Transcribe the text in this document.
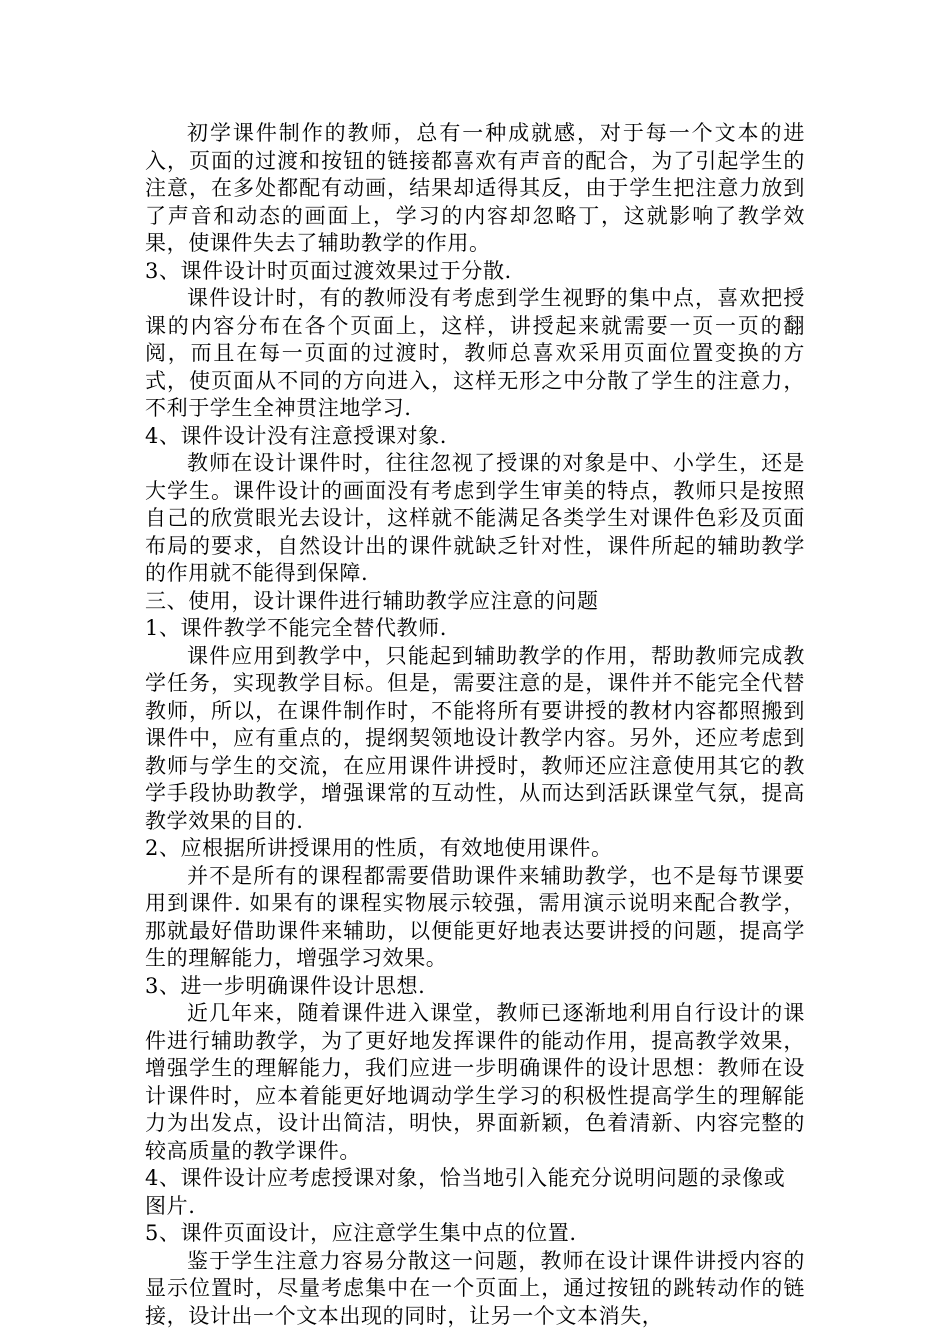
初学课件制作的教师，总有一种成就感，对于每一个文本的进入，页面的过渡和按钮的链接都喜欢有声音的配合，为了引起学生的注意，在多处都配有动画，结果却适得其反，由于学生把注意力放到了声音和动态的画面上，学习的内容却忽略丁，这就影响了教学效果，使课件失去了辅助教学的作用。

3、课件设计时页面过渡效果过于分散.

课件设计时，有的教师没有考虑到学生视野的集中点，喜欢把授课的内容分布在各个页面上，这样，讲授起来就需要一页一页的翻阅，而且在每一页面的过渡时，教师总喜欢采用页面位置变换的方式，使页面从不同的方向进入，这样无形之中分散了学生的注意力，不利于学生全神贯注地学习.

4、课件设计没有注意授课对象.

教师在设计课件时，往往忽视了授课的对象是中、小学生，还是大学生。课件设计的画面没有考虑到学生审美的特点，教师只是按照自己的欣赏眼光去设计，这样就不能满足各类学生对课件色彩及页面布局的要求，自然设计出的课件就缺乏针对性，课件所起的辅助教学的作用就不能得到保障.

三、使用，设计课件进行辅助教学应注意的问题

1、课件教学不能完全替代教师.

课件应用到教学中，只能起到辅助教学的作用，帮助教师完成教学任务，实现教学目标。但是，需要注意的是，课件并不能完全代替教师，所以，在课件制作时，不能将所有要讲授的教材内容都照搬到课件中，应有重点的，提纲契领地设计教学内容。另外，还应考虑到教师与学生的交流，在应用课件讲授时，教师还应注意使用其它的教学手段协助教学，增强课常的互动性，从而达到活跃课堂气氛，提高教学效果的目的.

2、应根据所讲授课用的性质，有效地使用课件。

并不是所有的课程都需要借助课件来辅助教学，也不是每节课要用到课件. 如果有的课程实物展示较强，需用演示说明来配合教学，那就最好借助课件来辅助，以便能更好地表达要讲授的问题，提高学生的理解能力，增强学习效果。

3、进一步明确课件设计思想.

近几年来，随着课件进入课堂，教师已逐渐地利用自行设计的课件进行辅助教学，为了更好地发挥课件的能动作用，提高教学效果，增强学生的理解能力，我们应进一步明确课件的设计思想：教师在设计课件时，应本着能更好地调动学生学习的积极性提高学生的理解能力为出发点，设计出简洁，明快，界面新颖，色着清新、内容完整的较高质量的教学课件。

4、课件设计应考虑授课对象，恰当地引入能充分说明问题的录像或图片.

5、课件页面设计，应注意学生集中点的位置.

鉴于学生注意力容易分散这一问题，教师在设计课件讲授内容的显示位置时，尽量考虑集中在一个页面上，通过按钮的跳转动作的链接，设计出一个文本出现的同时，让另一个文本消失，
